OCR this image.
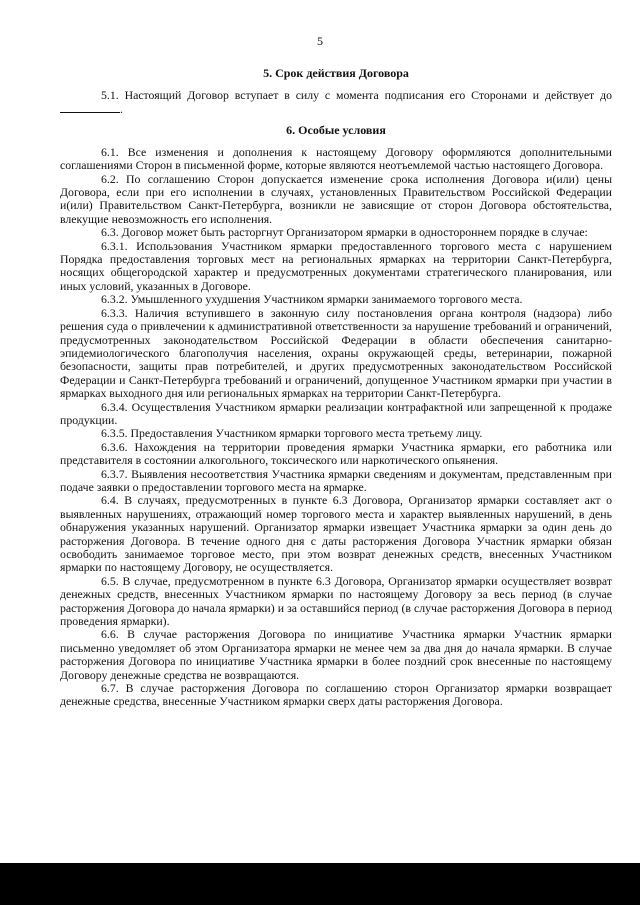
5
5. Срок действия Договора

5.1. Настоящий Договор вступает в силу с момента подписания его Сторонами и действует до .

6. Особые условия

6.1. Все изменения и дополнения к настоящему Договору оформляются дополнительными соглашениями Сторон в письменной форме, которые являются неотъемлемой частью настоящего Договора.

6.2. По соглашению Сторон допускается изменение срока исполнения Договора и(или) цены Договора, если при его исполнении в случаях, установленных Правительством Российской Федерации и(или) Правительством Санкт-Петербурга, возникли не зависящие от сторон Договора обстоятельства, влекущие невозможность его исполнения.

6.3. Договор может быть расторгнут Организатором ярмарки в одностороннем порядке в случае:

6.3.1. Использования Участником ярмарки предоставленного торгового места с нарушением Порядка предоставления торговых мест на региональных ярмарках на территории Санкт-Петербурга, носящих общегородской характер и предусмотренных документами стратегического планирования, или иных условий, указанных в Договоре.

6.3.2. Умышленного ухудшения Участником ярмарки занимаемого торгового места.

6.3.3. Наличия вступившего в законную силу постановления органа контроля (надзора) либо решения суда о привлечении к административной ответственности за нарушение требований и ограничений, предусмотренных законодательством Российской Федерации в области обеспечения санитарно-эпидемиологического благополучия населения, охраны окружающей среды, ветеринарии, пожарной безопасности, защиты прав потребителей, и других предусмотренных законодательством Российской Федерации и Санкт-Петербурга требований и ограничений, допущенное Участником ярмарки при участии в ярмарках выходного дня или региональных ярмарках на территории Санкт-Петербурга.

6.3.4. Осуществления Участником ярмарки реализации контрафактной или запрещенной к продаже продукции.

6.3.5. Предоставления Участником ярмарки торгового места третьему лицу.

6.3.6. Нахождения на территории проведения ярмарки Участника ярмарки, его работника или представителя в состоянии алкогольного, токсического или наркотического опьянения.

6.3.7. Выявления несоответствия Участника ярмарки сведениям и документам, представленным при подаче заявки о предоставлении торгового места на ярмарке.

6.4. В случаях, предусмотренных в пункте 6.3 Договора, Организатор ярмарки составляет акт о выявленных нарушениях, отражающий номер торгового места и характер выявленных нарушений, в день обнаружения указанных нарушений. Организатор ярмарки извещает Участника ярмарки за один день до расторжения Договора. В течение одного дня с даты расторжения Договора Участник ярмарки обязан освободить занимаемое торговое место, при этом возврат денежных средств, внесенных Участником ярмарки по настоящему Договору, не осуществляется.

6.5. В случае, предусмотренном в пункте 6.3 Договора, Организатор ярмарки осуществляет возврат денежных средств, внесенных Участником ярмарки по настоящему Договору за весь период (в случае расторжения Договора до начала ярмарки) и за оставшийся период (в случае расторжения Договора в период проведения ярмарки).

6.6. В случае расторжения Договора по инициативе Участника ярмарки Участник ярмарки письменно уведомляет об этом Организатора ярмарки не менее чем за два дня до начала ярмарки. В случае расторжения Договора по инициативе Участника ярмарки в более поздний срок внесенные по настоящему Договору денежные средства не возвращаются.

6.7. В случае расторжения Договора по соглашению сторон Организатор ярмарки возвращает денежные средства, внесенные Участником ярмарки сверх даты расторжения Договора.
